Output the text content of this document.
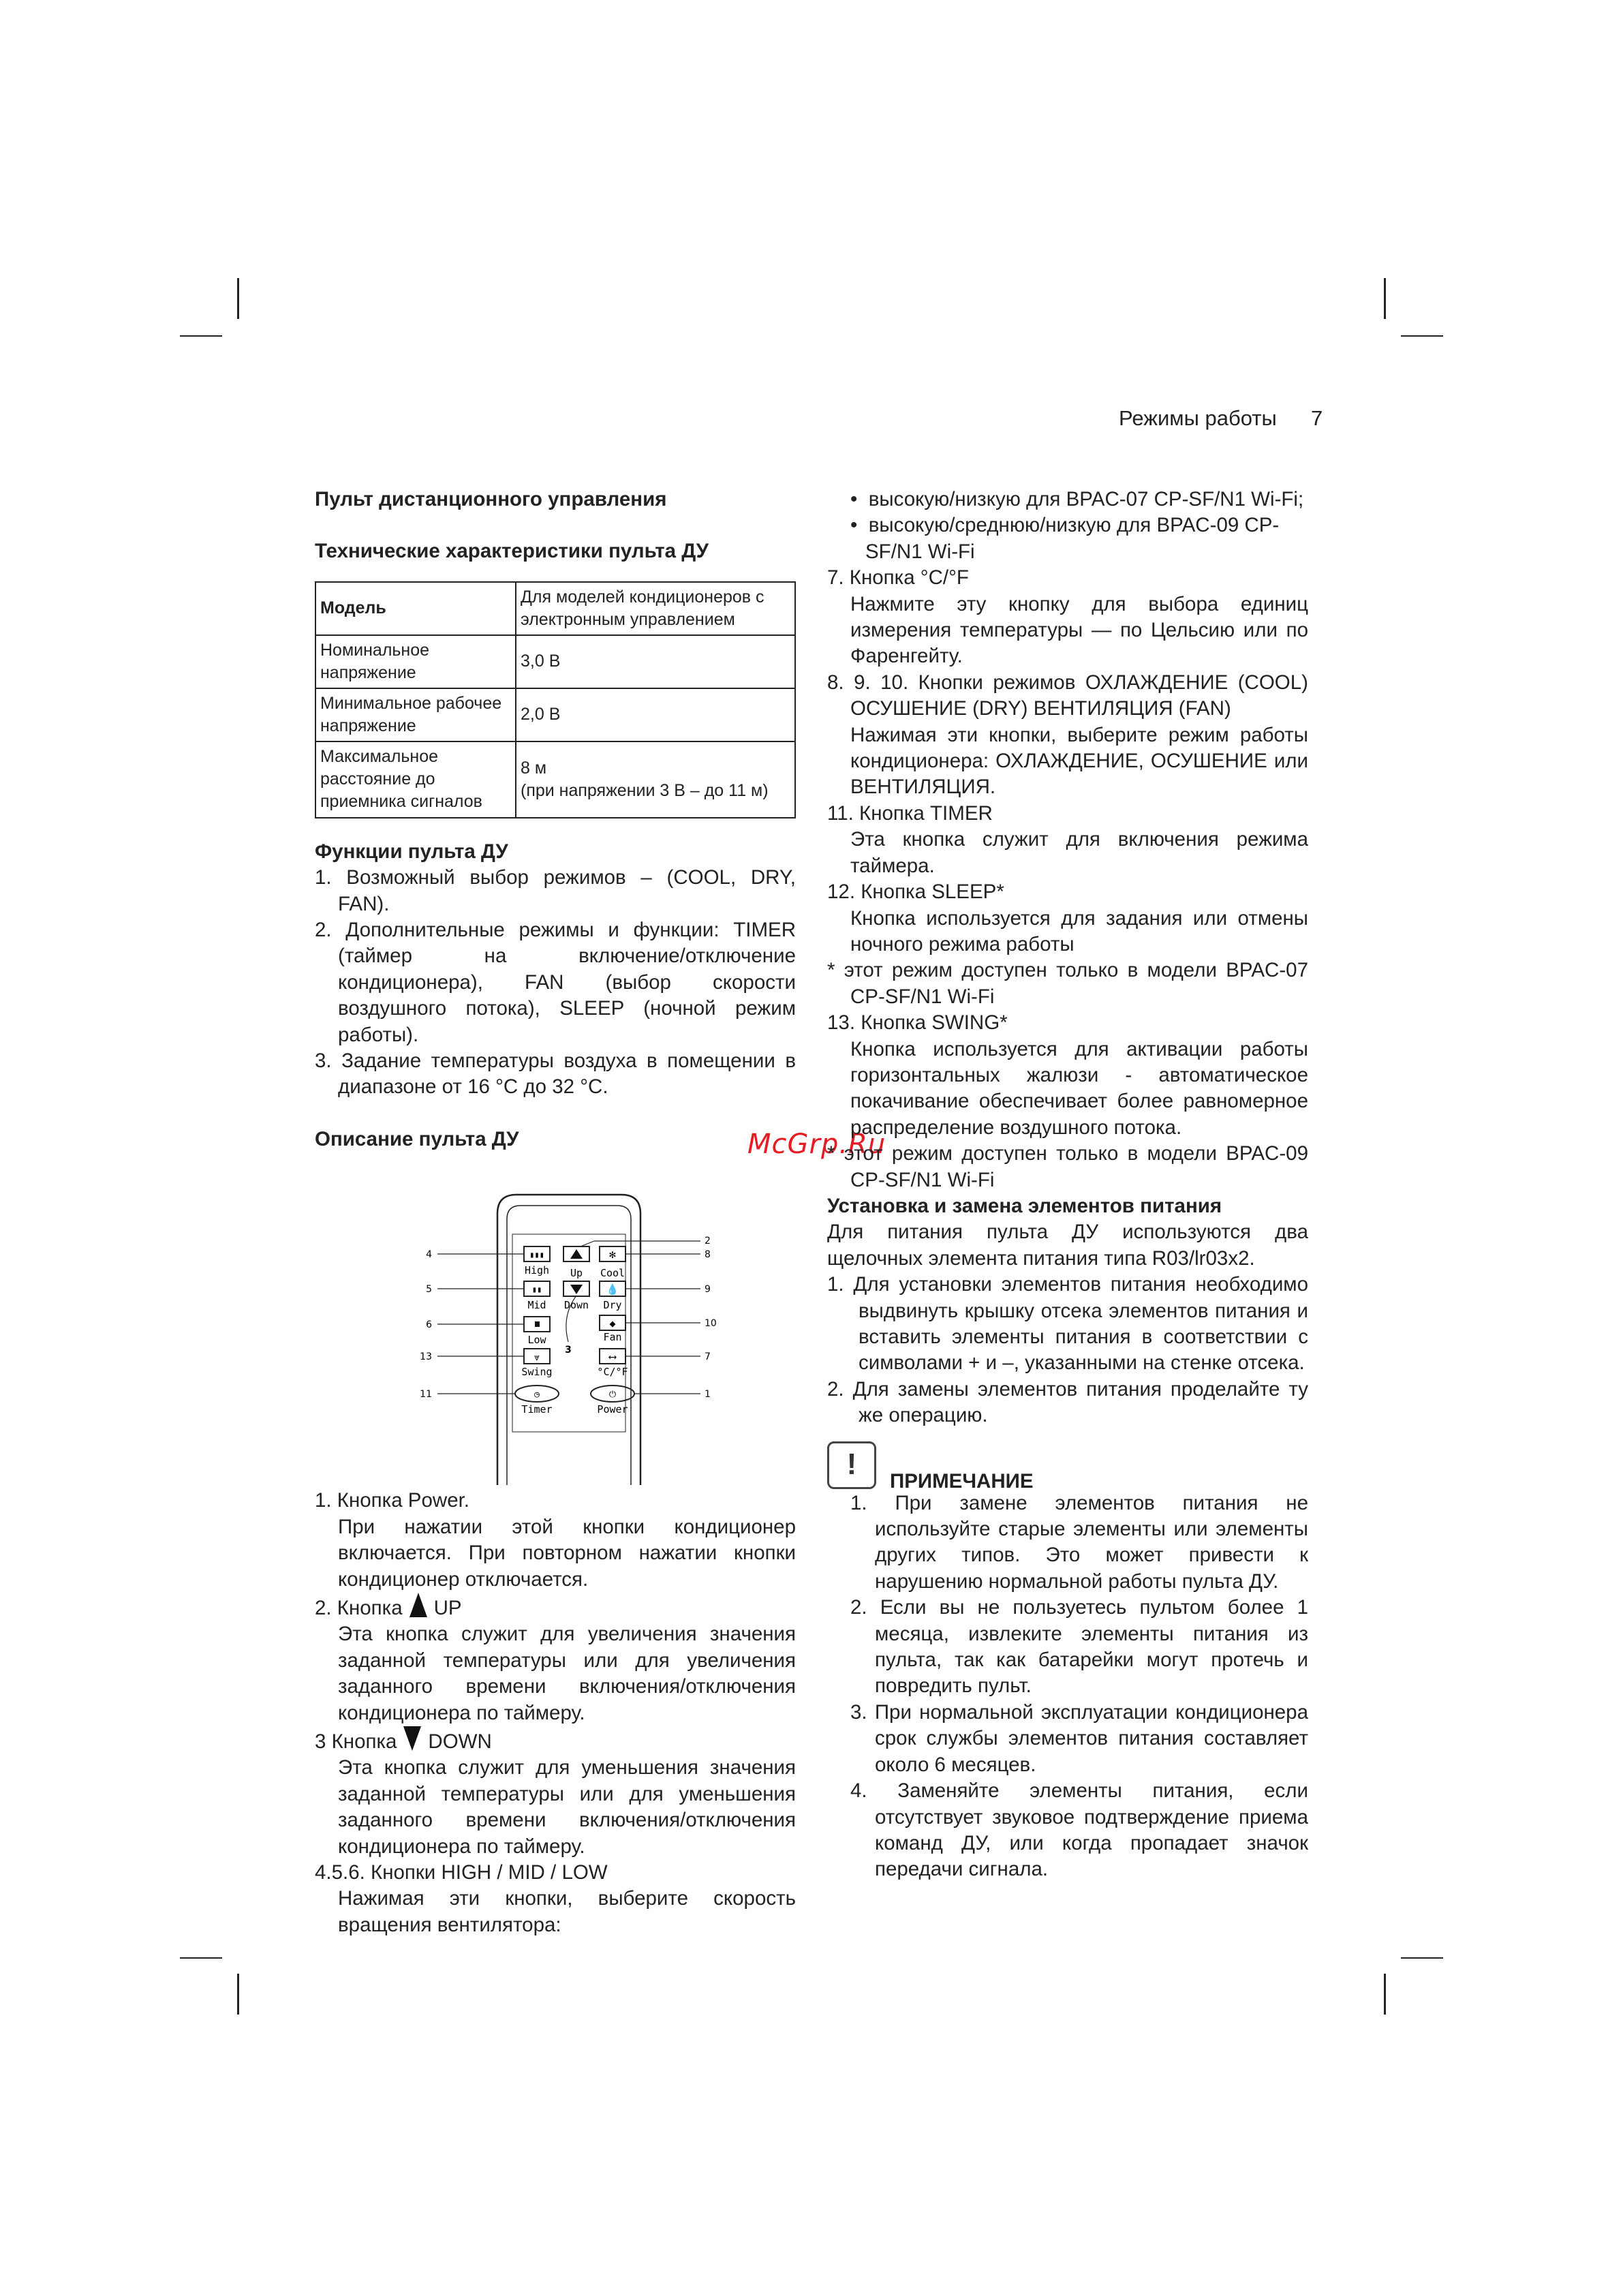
Режимы работы 7
McGrp.Ru

Пульт дистанционного управления

Технические характеристики пульта ДУ

Модель	Для моделей кондиционеров с электронным управлением
Номинальное напряжение	3,0 В
Минимальное рабочее напряжение	2,0 В
Максимальное расстояние до приемника сигналов	8 м
(при напряжении 3 В – до 11 м)

Функции пульта ДУ

1. Возможный выбор режимов – (COOL, DRY, FAN).

2. Дополнительные режимы и функции: TIMER (таймер на включение/отключение кондиционера), FAN (выбор скорости воздушного потока), SLEEP (ночной режим работы).

3. Задание температуры воздуха в помещении в диапазоне от 16 °С до 32 °С.

Описание пульта ДУ

▮▮▮
High Up
✻
Cool
▮▮
Mid Down
💧
Dry
Low
◆
Fan
⩔
Swing
⟷
°C/°F
◷
Timer
⏻
Power
4
5
6
13
11
2
8
9
10
7
1
3

1. Кнопка Power.

При нажатии этой кнопки кондиционер включается. При повторном нажатии кнопки кондиционер отключается.

2. Кнопка UP

Эта кнопка служит для увеличения значения заданной температуры или для увеличения заданного времени включения/отключения кондиционера по таймеру.

3 Кнопка DOWN

Эта кнопка служит для уменьшения значения заданной температуры или для уменьшения заданного времени включения/отключения кондиционера по таймеру.

4.5.6. Кнопки HIGH / MID / LOW

Нажимая эти кнопки, выберите скорость вращения вентилятора:

•  высокую/низкую для BPAC-07 CP-SF/N1 Wi-Fi;

•  высокую/среднюю/низкую для BPAC-09 CP-SF/N1 Wi-Fi

7. Кнопка °C/°F

Нажмите эту кнопку для выбора единиц измерения температуры — по Цельсию или по Фаренгейту.

8. 9. 10. Кнопки режимов ОХЛАЖДЕНИЕ (COOL) ОСУШЕНИЕ (DRY) ВЕНТИЛЯЦИЯ (FAN)

Нажимая эти кнопки, выберите режим работы кондиционера: ОХЛАЖДЕНИЕ, ОСУШЕНИЕ или ВЕНТИЛЯЦИЯ.

11. Кнопка TIMER

Эта кнопка служит для включения режима таймера.

12. Кнопка SLEEP*

Кнопка используется для задания или отмены ночного режима работы

* этот режим доступен только в модели BPAC-07 CP-SF/N1 Wi-Fi

13. Кнопка SWING*

Кнопка используется для активации работы горизонтальных жалюзи - автоматическое покачивание обеспечивает более равномерное распределение воздушного потока.

* этот режим доступен только в модели BPAC-09 CP-SF/N1 Wi-Fi

Установка и замена элементов питания

Для питания пульта ДУ используются два щелочных элемента питания типа R03/lr03x2.

1. Для установки элементов питания необходимо выдвинуть крышку отсека элементов питания и вставить элементы питания в соответствии с символами + и –, указанными на стенке отсека.

2. Для замены элементов питания проделайте ту же операцию.

!
ПРИМЕЧАНИЕ

1. При замене элементов питания не используйте старые элементы или элементы других типов. Это может привести к нарушению нормальной работы пульта ДУ.

2. Если вы не пользуетесь пультом более 1 месяца, извлеките элементы питания из пульта, так как батарейки могут протечь и повредить пульт.

3. При нормальной эксплуатации кондиционера срок службы элементов питания составляет около 6 месяцев.

4. Заменяйте элементы питания, если отсутствует звуковое подтверждение приема команд ДУ, или когда пропадает значок передачи сигнала.
